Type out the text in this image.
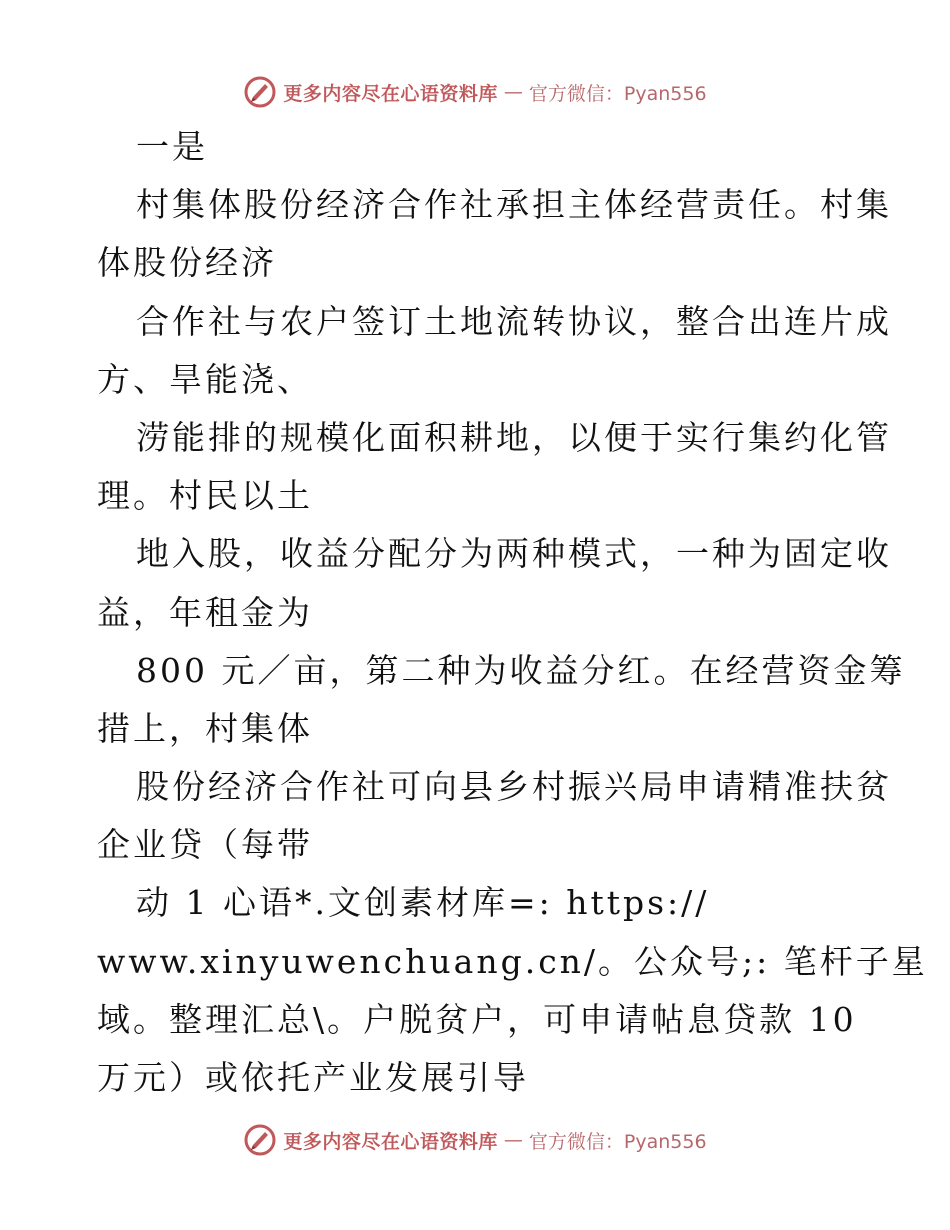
更多内容尽在心语资料库 — 官方微信：Pyan556
一是
村集体股份经济合作社承担主体经营责任。村集
体股份经济
合作社与农户签订土地流转协议，整合出连片成
方、旱能浇、
涝能排的规模化面积耕地，以便于实行集约化管
理。村民以土
地入股，收益分配分为两种模式，一种为固定收
益，年租金为
800 元／亩，第二种为收益分红。在经营资金筹
措上，村集体
股份经济合作社可向县乡村振兴局申请精准扶贫
企业贷（每带
动 1 心语*.文创素材库=: https://
www.xinyuwenchuang.cn/。公众号;: 笔杆子星
域。整理汇总\。户脱贫户，可申请帖息贷款 10
万元）或依托产业发展引导
更多内容尽在心语资料库 — 官方微信：Pyan556
